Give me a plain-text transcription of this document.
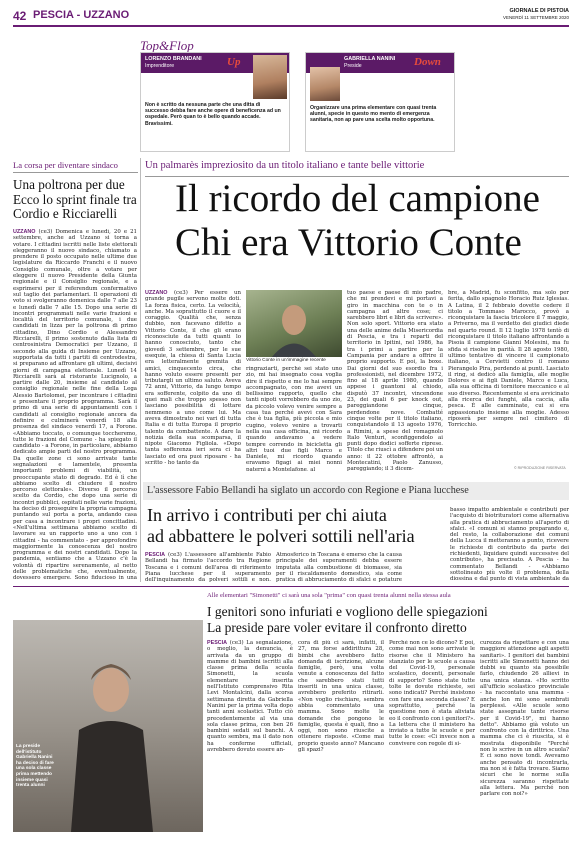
42 PESCIA - UZZANO	GIORNALE DI PISTOIA
VENERDÌ 11 SETTEMBRE 2020
Top&Flop
LORENZO BRANDANI
Imprenditore	Up

Non è scritto da nessuna parte che una ditta di successo debba fare anche opere di beneficenza ad un ospedale. Però quan to è bello quando accade. Bravissimi.

GABRIELLA NANINI
Preside	Down

Organizzare una prima elementare con quasi trenta alunni, specie in questo mo mento di emergenza sanitaria, non ap pare una scelta molto opportuna.

La corsa per diventare sindaco
Una poltrona per due Ecco lo sprint finale tra Cordio e Ricciarelli

UZZANO (ce3) Domenica e lunedì, 20 e 21 settembre, anche ad Uzzano si torna a votare. I cittadini iscritti nelle liste elettorali eleggeranno il nuovo sindaco, chiamato a prendere il posto occupato nelle ultime due legislature da Riccardo Franchi e il nuovo Consiglio comunale, oltre a votare per eleggere il nuovo Presidente della Giunta regionale e il Consiglio regionale, e a esprimersi per il referendum confermativo sul taglio dei parlamentari. Il operazioni di voto si svolgeranno domenica dalle 7 alle 23 e lunedì dalle 7 alle 15. Dopo una serie di incontri programmati nelle varie frazioni e località del territorio comunale, i due candidati in lizza per la poltrona di primo cittadino, Dino Cordio e Alessandro Ricciarelli, il primo sostenuto dalla lista di centrosinistra Democratici per Uzzano, il secondo alla guida di Insieme per Uzzano, supportata da tutti i partiti di centrodestra, si preparano ad affrontare gli ultimi, decisivi giorni di campagna elettorale. Lunedì 14 Ricciarelli sarà al ristorante Lucignolo, a partire dalle 20, insieme al candidato al consiglio regionale nelle fine della Lega Alessio Bartolomei, per incontrare i cittadini e presentare il proprio programma. Sarà il primo di una serie di appuntamenti con i candidati al consiglio regionale ancora da definire e culminerà venerdì 18 alla presenza del sindaco venerdì 17, a Forone. «Abbiamo toccato, o comunque toccheremo, tutte le frazioni del Comune - ha spiegato il candidato - a Forone, in particolare, abbiamo dedicato ampie parti del nostro programma. Da quelle zone ci sono arrivate tante segnalazioni e lamentele, presenta importanti problemi di viabilità, un preoccupante stato di degrado. Ed è lì che abbiamo scelto di chiudere il nostro percorso elettorale». Diverso il percorso scelto da Cordio, che dopo una serie di incontri pubblici, ospitati nelle varie frazioni, ha deciso di proseguire la propria campagna puntando sul porta a porta, andando casa per casa a incontrare i propri concittadini. «Nell'ultima settimana abbiamo scelto di lavorare su un rapporto uno a uno con i cittadini - ha commentato - per approfondire maggiormente la conoscenza del nostro programma e dei nostri candidati. Dopo la pandemia, sentiamo che a Uzzano c'è la volontà di ripartire serenamente, al netto delle problematiche che, eventualmente, dovessero emergere. Sono fiducioso in una

Un palmarès impreziosito da un titolo italiano e tante belle vittorie
Il ricordo del campione
Chi era Vittorio Conte

UZZANO (ce3) Per essere un grande pugile servono molte doti. La forza fisica, certo. La velocità, anche. Ma soprattutto il cuore e il coraggio. Qualità che, senza dubbio, non facevano difetto a Vittorio Conte, il che gli erano riconosciute da tutti quanti lo hanno conosciuto, tanto che giovedì 3 settembre, per le sue esequie, la chiesa di Santa Lucia era letteralmente gremita di amici, cinquecento circa, che hanno voluto essere presenti per tributargli un ultimo saluto. Aveva 72 anni, Vittorio, da lungo tempo era sofferente, colpito da uno di quei mali che troppo spesso non lasciano possibilità di lottare nemmeno a uno come lui. Ma aveva dimostrato nei vari di tutta Italia e di tutta Europa il proprio talento da combattente. A dare la notizia della sua scomparsa, il nipote Giacomo Figliola. «Dopo tanta sofferenza ieri sera ci ha lasciato ed ora puoi riposare - ha scritto - ho tanto da

Vittorio Conte in un'immagine recente

ringraziarti, perché sei stato uno zio, mi hai insegnato cosa voglia dire il rispetto e me lo hai sempre accompagnato, con me avevi un bellissimo rapporto, quello che tanti nipoti vorrebbero da uno zio, da piccolo volevo venire sempre a casa tua perché avevi con Sara che è tua figlia, più piccola e mio cugino, volevo venire a trovarti nella sua casa officina, mi ricordo quando andavamo a vedere tempre correndo in bicicletta gli altri tuoi due figli Marco e Daniele, mi ricordo quando eravamo figagi ai miei nonni paterni a Montelafone, al

tuo paese e paese di mio padre, che mi prendevi e mi portavi a giro in macchina con te o in campagna ad altre cose; ci sarebbero libri e libri da scrivere». Non solo sport. Vittorio era stato una delle anime della Misericordia di Pescia, e tra i reparti del territorio in Ipitini, nel 1986, ha tra i primi a partire per la Campania per andare a offrire il proprio supporto. E poi, la boxe. Dai giorni del suo esordio fra i professionisti, nel dicembre 1972, fino al 18 aprile 1980, quando appese i guantoni al chiodo, disputò 37 incontri, vincendone 23, dei quali 6 per knock out, pareggiandone cinque, perdendone nove. Combatté cinque volte per il titolo italiano, conquistandolo il 13 agosto 1976, a Rimini, a spese del romagnolo Italo Venturi, sconfiggendolo ai punti dopo dodici sofferte riprese. Titolo che riuscì a difendere poi un anno: il 22 ottobre affrontò, a Montecatini, Paolo Zanusso, pareggiando; il 3 dicem-

bre, a Madrid, fu sconfitto, ma solo per ferita, dallo spagnolo Horacio Ruiz Iglesias. A Latina, il 2 febbraio dovette cedere il titolo a Tommaso Marocco, provò a riconquistare la fascia tricolore il 7 maggio, a Priverno, ma il verdetto dei giudici diede nel quarto round. Il 12 luglio 1978 tentò di riconquistare il titolo italiano affrontando a Pisoia il campione Gianni Molesini, ma fu sfida si risolse in parità. Il 28 agosto 1980, ultimo tentativo di vincere il campionato italiano, a Cervietti contro il romano Pierangelo Pira, perdendo ai punti. Lasciato il ring, si dedicò alla famiglia, alle moglie Dolores e ai figli Daniele, Marco e Luca, alla sua officina di tornitore meccanico e al suo diverso. Recentemente si era avvicinato alla ricerca dei funghi, alla caccia, alla pesca. È alle camminate, cui si era appassionato insieme alla moglie. Adesso riposerà per sempre nel cimitero di Torricchio.

© RIPRODUZIONE RISERVATA
L'assessore Fabio Bellandi ha siglato un accordo con Regione e Piana lucchese
In arrivo i contributi per chi aiuta
ad abbattere le polveri sottili nell'aria

PESCIA (ce3) L'assessore all'ambiente Fabio Bellandi ha firmato l'accordo tra Regione Toscana e i comuni dell'area di riferimento Piana lucchese per il superamento dell'inquinamento da polveri sottili e non.

Atmosferico in Toscana è emerso che la causa principale dei superamenti debba essere imputata alla combustione di biomasse, sia per il riscaldamento domestico, sia come pratica di abbruciamento di sfalci e potature

basso impatto ambientale e contributi per l'acquisto di biotrituratori come alternativa alla pratica di abbruciamento all'aperto di sfalci. «I comuni si stanno preparando e, del resto, la collaborazione dei comuni della Lucca il metteranno a punto, ricevere le richieste di contributo da parte dei richiedenti, liquidare quindi successive del contributo», ha precisato. A Pescia - ha commentato Bellandi - «Abbiamo sottolineato più volte il problema, della diossina e dal punto di vista ambientale da

La preside dell'istituto Gabriella Nanini ha deciso di fare una sola classe prima mettendo insieme quasi trenta alunni
Alle elementari "Simonetti" ci sarà una sola "prima" con quasi trenta alunni nella stessa aula
I genitori sono infuriati e vogliono delle spiegazioni
La preside pare voler evitare il confronto diretto

PESCIA (ce3) La segnalazione, o meglio, la denuncia, è arrivata da un gruppo di mamme di bambini iscritti alla classe prima della scuola Simonetti, la scuola elementare inserita nell'Istituto comprensivo Rita Levi Montalcini, dalla scorsa settimana diretta da Gabriella Nanini per la prima volta dopo tanti anni scolastici. Tutto ciò precedentemente al via una sola classe prima, con ben 26 bambini sedati sul banchi. A quanto sembra, ma il dato non ha conferme ufficiali, avrebbero dovuto essere an-

cora di più ci sarà, infatti, il 27, ma forse addirittura 28, bimbi che avrebbero fatto domanda di iscrizione, alcune famiglie, però, una volta venute a conoscenza del fatto che sarebbero stati tutti inseriti in una unica classe, avrebbero preferito ritirarli. «Non voglio rischiare, sembra abbia commentato una mamma. Sono molte le domande che pongono le famiglie, questa è quali, fino a oggi, non sono riuscite a ottenere risposte. «Come mai proprio questo anno? Mancano gli spazi?

Perché non ce lo dicono? E poi, come mai non sono arrivate le risorse che il Ministero ha stanziato per le scuole a causa del Covid-19, personale scolastico, docenti, personale di supporto? Sono state tutte tolte le dovute richieste, sei sono indicati? Perché insistono con fare una seconda classe? E soprattutto, perché la questione non è stata aliviata eo il confronto con i genitori?». La lettera che il ministero ha inviato a tutte le scuole e per tutte le cose: «Ci invece non a convivere con regole di si-

curezza da rispettare e con una maggiore attenzione agli aspetti sanitari». I genitori dei bambini iscritti alle Simonetti hanno dei dubbi su quanto sia possibile farlo, chiudendo 26 allievi in una unica stanza. «Ho scritto all'ufficio scolastico provinciale - ha raccontato una mamma - anche lon mi sono sembrati perplessi. «Alle scuole sono state assegnate tante risorse per il Covid-19", mi hanno detto". Abbiamo già voluto un confronto con la dirittrice. Una mamma che ci è riuscita, si è mostrata disponibile "Perché non lo scrive in un altro scuola? E ci sono nove tondi. Avevamo anche pensato di incontrarla, ma non si è fatta trovare. Siamo sicuri che le norme sulla sicurezza saranno rispettate alla lettera. Ma perché non parlare con noi?»
